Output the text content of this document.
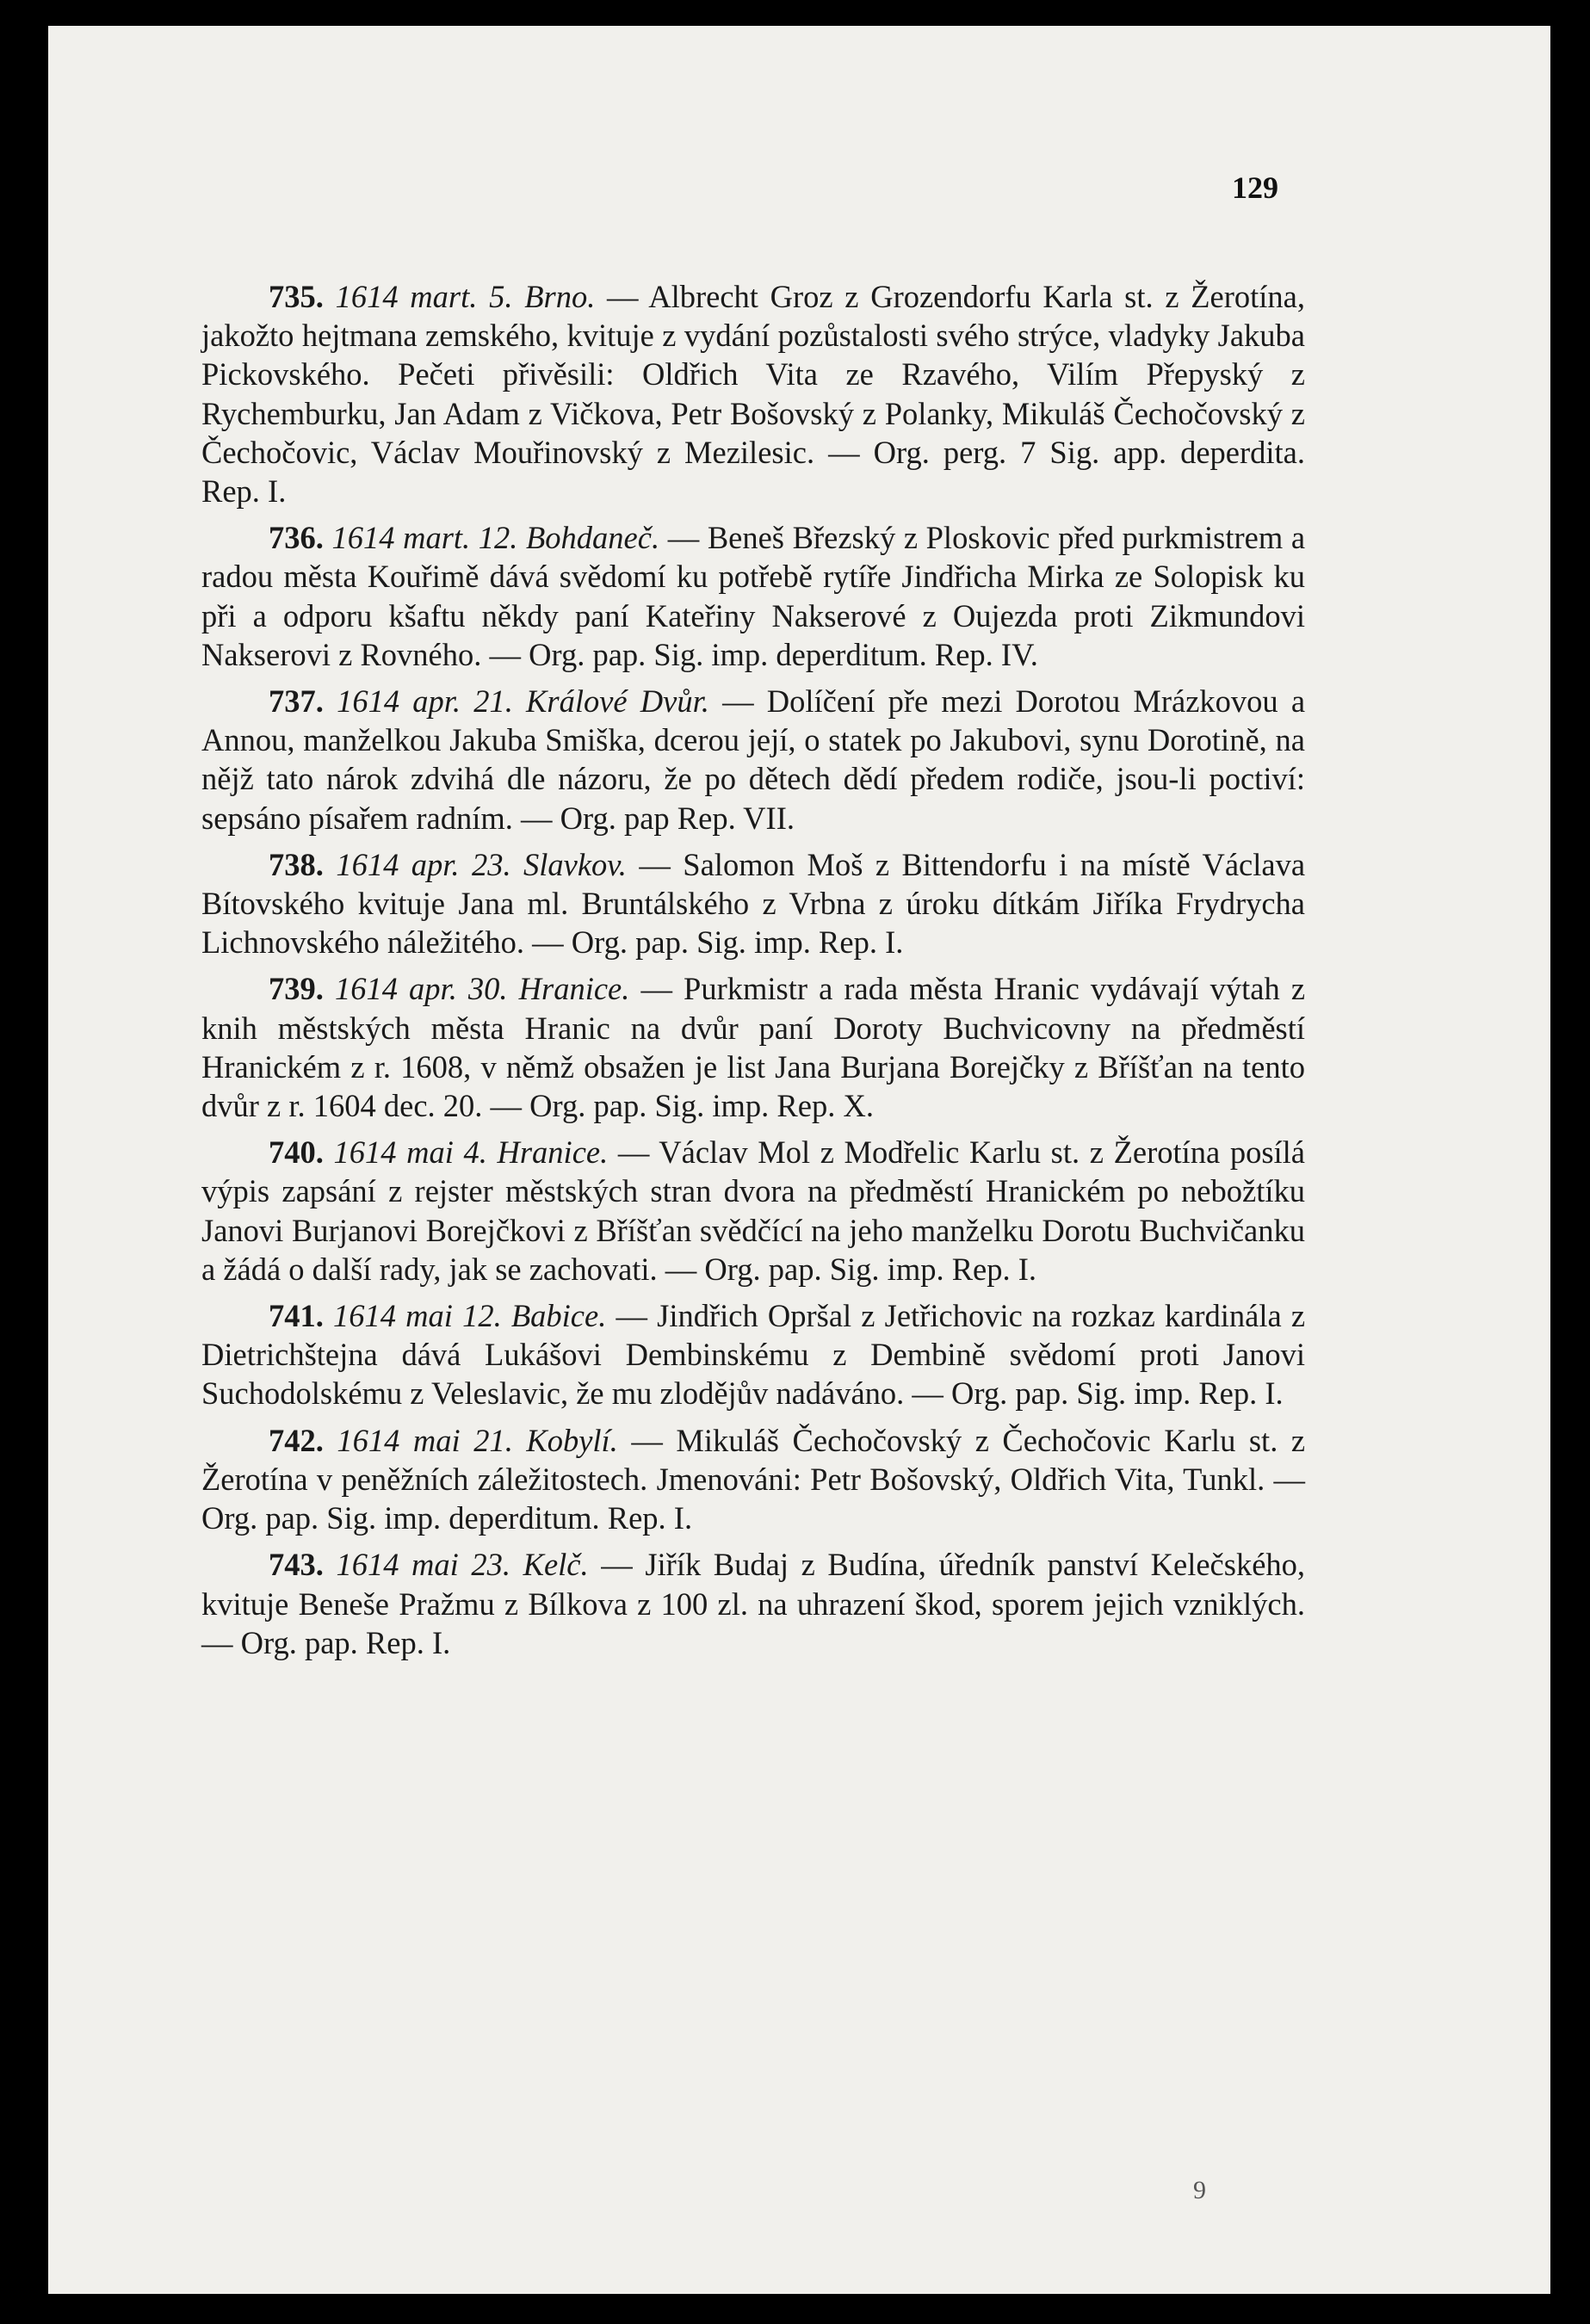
129

735. 1614 mart. 5. Brno. — Albrecht Groz z Grozendorfu Karla st. z Žerotína, jakožto hejtmana zemského, kvituje z vydání pozůstalosti svého strýce, vladyky Jakuba Pickovského. Pečeti přivěsili: Oldřich Vita ze Rzavého, Vilím Přepyský z Rychemburku, Jan Adam z Vičkova, Petr Bošovský z Polanky, Mikuláš Čechočovský z Čechočovic, Václav Mouřinovský z Mezilesic. — Org. perg. 7 Sig. app. deperdita. Rep. I.

736. 1614 mart. 12. Bohdaneč. — Beneš Březský z Ploskovic před purkmistrem a radou města Kouřimě dává svědomí ku potřebě rytíře Jindřicha Mirka ze Solopisk ku při a odporu kšaftu někdy paní Kateřiny Nakserové z Oujezda proti Zikmundovi Nakserovi z Rovného. — Org. pap. Sig. imp. deperditum. Rep. IV.

737. 1614 apr. 21. Králové Dvůr. — Dolíčení pře mezi Dorotou Mrázkovou a Annou, manželkou Jakuba Smiška, dcerou její, o statek po Jakubovi, synu Dorotině, na nějž tato nárok zdvihá dle názoru, že po dětech dědí předem rodiče, jsou-li poctiví: sepsáno písařem radním. — Org. pap Rep. VII.

738. 1614 apr. 23. Slavkov. — Salomon Moš z Bittendorfu i na místě Václava Bítovského kvituje Jana ml. Bruntálského z Vrbna z úroku dítkám Jiříka Frydrycha Lichnovského náležitého. — Org. pap. Sig. imp. Rep. I.

739. 1614 apr. 30. Hranice. — Purkmistr a rada města Hranic vydávají výtah z knih městských města Hranic na dvůr paní Doroty Buchvicovny na předměstí Hranickém z r. 1608, v němž obsažen je list Jana Burjana Borejčky z Bříšťan na tento dvůr z r. 1604 dec. 20. — Org. pap. Sig. imp. Rep. X.

740. 1614 mai 4. Hranice. — Václav Mol z Modřelic Karlu st. z Žerotína posílá výpis zapsání z rejster městských stran dvora na předměstí Hranickém po nebožtíku Janovi Burjanovi Borejčkovi z Bříšťan svědčící na jeho manželku Dorotu Buchvičanku a žádá o další rady, jak se zachovati. — Org. pap. Sig. imp. Rep. I.

741. 1614 mai 12. Babice. — Jindřich Opršal z Jetřichovic na rozkaz kardinála z Dietrichštejna dává Lukášovi Dembinskému z Dembině svědomí proti Janovi Suchodolskému z Veleslavic, že mu zlodějův nadáváno. — Org. pap. Sig. imp. Rep. I.

742. 1614 mai 21. Kobylí. — Mikuláš Čechočovský z Čechočovic Karlu st. z Žerotína v peněžních záležitostech. Jmenováni: Petr Bošovský, Oldřich Vita, Tunkl. — Org. pap. Sig. imp. deperditum. Rep. I.

743. 1614 mai 23. Kelč. — Jiřík Budaj z Budína, úředník panství Kelečského, kvituje Beneše Pražmu z Bílkova z 100 zl. na uhrazení škod, sporem jejich vzniklých. — Org. pap. Rep. I.

9
